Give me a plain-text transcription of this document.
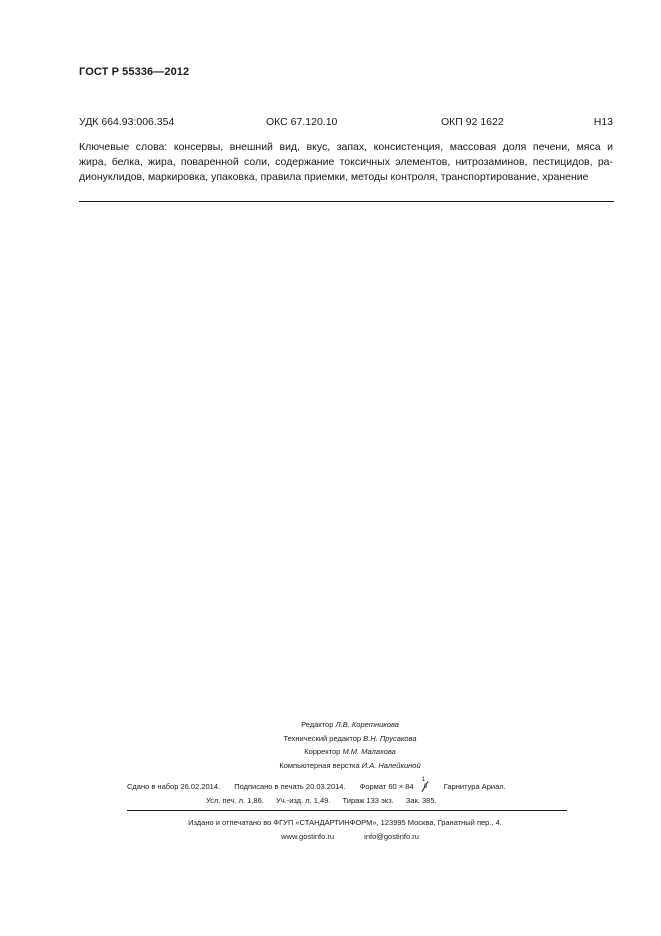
ГОСТ Р 55336—2012
УДК 664.93:006.354	ОКС 67.120.10	ОКП 92 1622	Н13
Ключевые слова: консервы, внешний вид, вкус, запах, консистенция, массовая доля печени, мяса и
жира, белка, жира, поваренной соли, содержание токсичных элементов, нитрозаминов, пестицидов, ра-
дионуклидов, маркировка, упаковка, правила приемки, методы контроля, транспортирование, хранение
Редактор Л.В. Коретникова
Технический редактор В.Н. Прусакова
Корректор М.М. Малахова
Компьютерная верстка И.А. Налейкиной
Сдано в набор 26.02.2014. Подписано в печать 20.03.2014. Формат 60 × 84
1
8 Гарнитура Ариал.
Усл. печ. л. 1,86. Уч.-изд. л. 1,49. Тираж 133 экз. Зак. 385.
Издано и отпечатано во ФГУП «СТАНДАРТИНФОРМ», 123995 Москва, Гранатный пер., 4.
www.gostinfo.ru	info@gostinfo.ru
